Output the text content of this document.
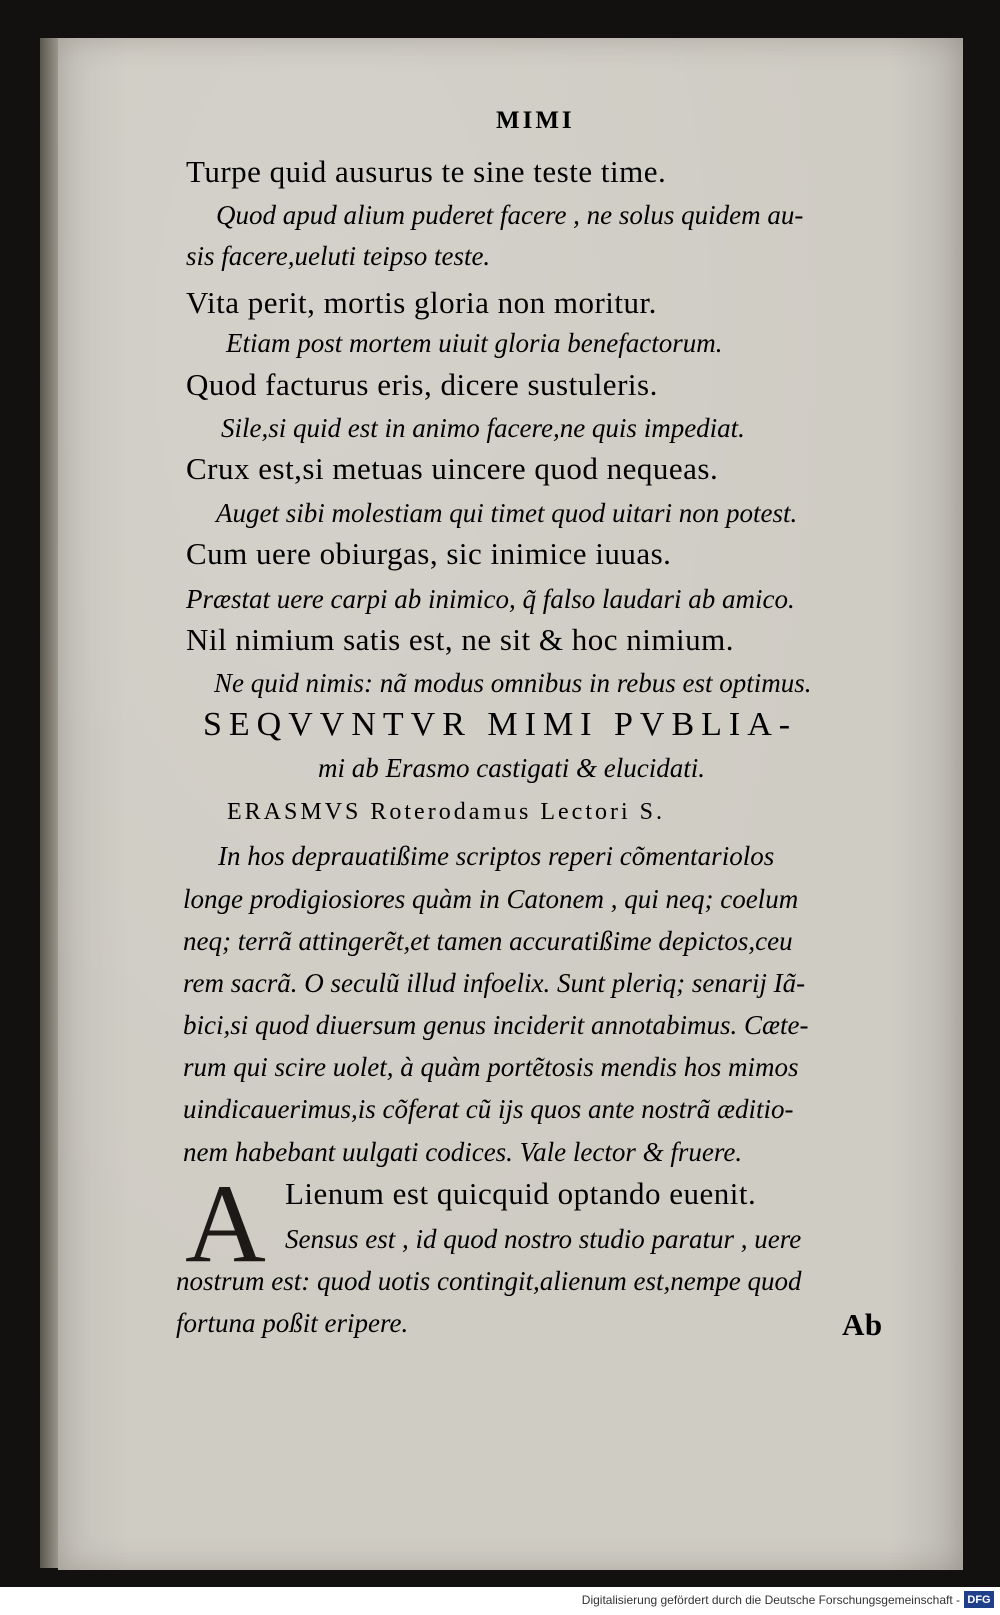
MIMI
Turpe quid ausurus te sine teste time.
Quod apud alium puderet facere , ne solus quidem au-
sis facere,ueluti teipso teste.
Vita perit, mortis gloria non moritur.
Etiam post mortem uiuit gloria benefactorum.
Quod facturus eris, dicere sustuleris.
Sile,si quid est in animo facere,ne quis impediat.
Crux est,si metuas uincere quod nequeas.
Auget sibi molestiam qui timet quod uitari non potest.
Cum uere obiurgas, sic inimice iuuas.
Præstat uere carpi ab inimico, q̃ falso laudari ab amico.
Nil nimium satis est, ne sit & hoc nimium.
Ne quid nimis: nã modus omnibus in rebus est optimus.
SEQVVNTVR MIMI PVBLIA-
mi ab Erasmo castigati & elucidati.
ERASMVS Roterodamus Lectori S.
In hos deprauatißime scriptos reperi cõmentariolos
longe prodigiosiores quàm in Catonem , qui neq; coelum
neq; terrã attingerẽt,et tamen accuratißime depictos,ceu
rem sacrã. O seculũ illud infoelix. Sunt pleriq; senarij Iã-
bici,si quod diuersum genus inciderit annotabimus. Cæte-
rum qui scire uolet, à quàm portẽtosis mendis hos mimos
uindicauerimus,is cõferat cũ ijs quos ante nostrã æditio-
nem habebant uulgati codices. Vale lector & fruere.
A Lienum est quicquid optando euenit.
Sensus est , id quod nostro studio paratur , uere
nostrum est: quod uotis contingit,alienum est,nempe quod
fortuna poßit eripere.	Ab
Digitalisierung gefördert durch die Deutsche Forschungsgemeinschaft - DFG
